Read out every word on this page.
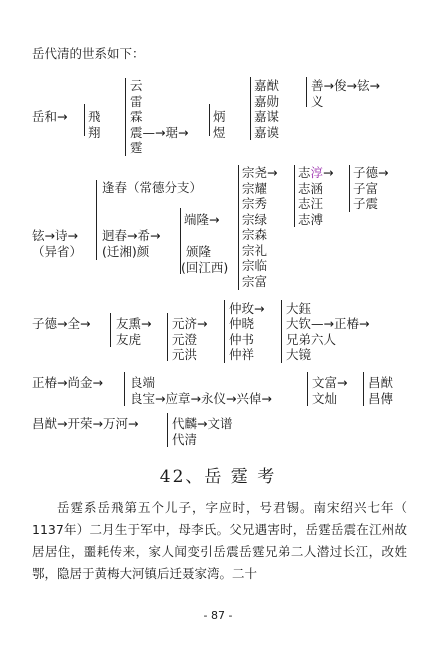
岳代清的世系如下：
岳和→ 飛
翔
云
雷
霖
震—→琚→
霆
炳
煜
嘉猷
嘉勋
嘉谋
嘉谟
善→俊→铉→
义
铉→诗→
（异省）
逢春（常德分支）
迥春→希→
(迁湘)颜
端隆→
颁隆
(回江西)
宗尧→
宗耀
宗秀
宗绿
宗森
宗礼
宗临
宗富
志淳→
志涵
志汪
志溥
子德→
子富
子震
子德→全→ 友熏→
友虎
元济→
元澄
元洪
仲玫→
仲晓
仲书
仲祥
大鈺
大钦—→正椿→
兄弟六人
大镜
正椿→尚金→ 良端
良宝→应章→永仪→兴倬→
文富→
文灿
昌猷
昌傳
昌猷→开荣→万河→	代麟→文谱
代清
42、岳 霆 考
岳霆系岳飛第五个儿子，字应时，号君锡。南宋绍兴七年（ 1137年）二月生于军中，母李氏。父兄遇害时，岳霆岳震在江州故居居住，噩耗传来，家人闻变引岳震岳霆兄弟二人潜过长江，改姓鄂，隐居于黄梅大河镇后迁聂家湾。二十
- 87 -
